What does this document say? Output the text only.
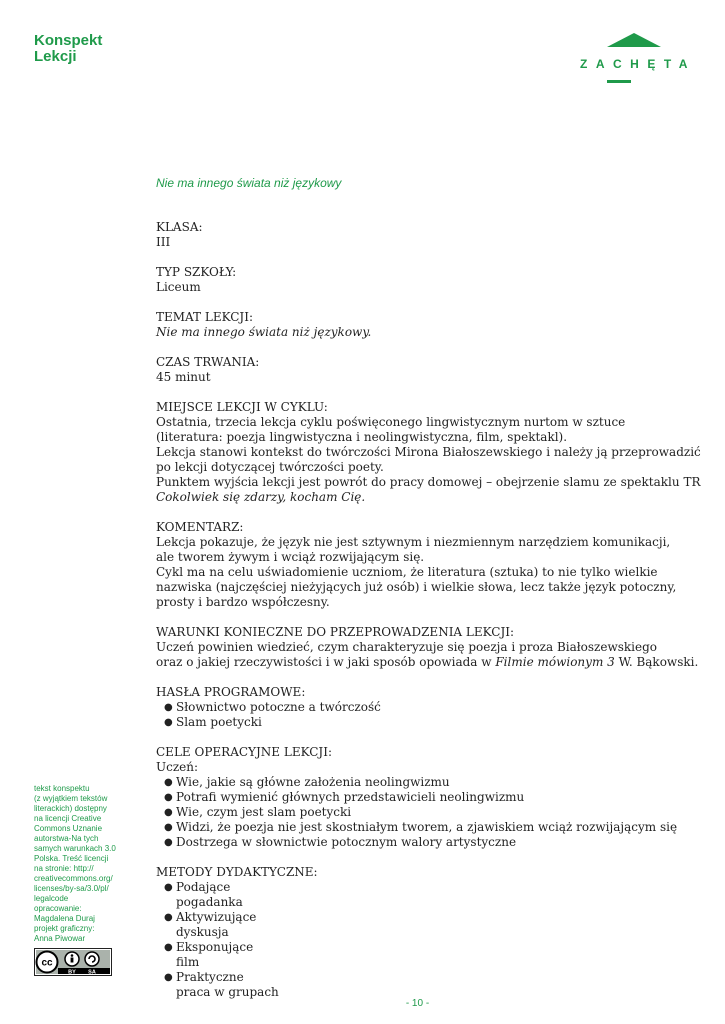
Konspekt
Lekcji	ZACHĘTA
Nie ma innego świata niż językowy
KLASA:
III
TYP SZKOŁY:
Liceum
TEMAT LEKCJI:
Nie ma innego świata niż językowy.
CZAS TRWANIA:
45 minut
MIEJSCE LEKCJI W CYKLU:
Ostatnia, trzecia lekcja cyklu poświęconego lingwistycznym nurtom w sztuce
(literatura: poezja lingwistyczna i neolingwistyczna, film, spektakl).
Lekcja stanowi kontekst do twórczości Mirona Białoszewskiego i należy ją przeprowadzić
po lekcji dotyczącej twórczości poety.
Punktem wyjścia lekcji jest powrót do pracy domowej – obejrzenie slamu ze spektaklu TR
Cokolwiek się zdarzy, kocham Cię.
KOMENTARZ:
Lekcja pokazuje, że język nie jest sztywnym i niezmiennym narzędziem komunikacji,
ale tworem żywym i wciąż rozwijającym się.
Cykl ma na celu uświadomienie uczniom, że literatura (sztuka) to nie tylko wielkie
nazwiska (najczęściej nieżyjących już osób) i wielkie słowa, lecz także język potoczny,
prosty i bardzo współczesny.
WARUNKI KONIECZNE DO PRZEPROWADZENIA LEKCJI:
Uczeń powinien wiedzieć, czym charakteryzuje się poezja i proza Białoszewskiego
oraz o jakiej rzeczywistości i w jaki sposób opowiada w Filmie mówionym 3 W. Bąkowski.
HASŁA PROGRAMOWE:
● Słownictwo potoczne a twórczość
● Slam poetycki
CELE OPERACYJNE LEKCJI:
Uczeń:
● Wie, jakie są główne założenia neolingwizmu
● Potrafi wymienić głównych przedstawicieli neolingwizmu
● Wie, czym jest slam poetycki
● Widzi, że poezja nie jest skostniałym tworem, a zjawiskiem wciąż rozwijającym się
● Dostrzega w słownictwie potocznym walory artystyczne
METODY DYDAKTYCZNE:
● Podające
pogadanka
● Aktywizujące
dyskusja
● Eksponujące
film
● Praktyczne
praca w grupach
tekst konspektu
(z wyjątkiem tekstów
literackich) dostępny
na licencji Creative
Commons Uznanie
autorstwa-Na tych
samych warunkach 3.0
Polska. Treść licencji
na stronie: http://
creativecommons.org/
licenses/by-sa/3.0/pl/
legalcode
opracowanie:
Magdalena Duraj
projekt graficzny:
Anna Piwowar
cc
BY SA
- 10 -
